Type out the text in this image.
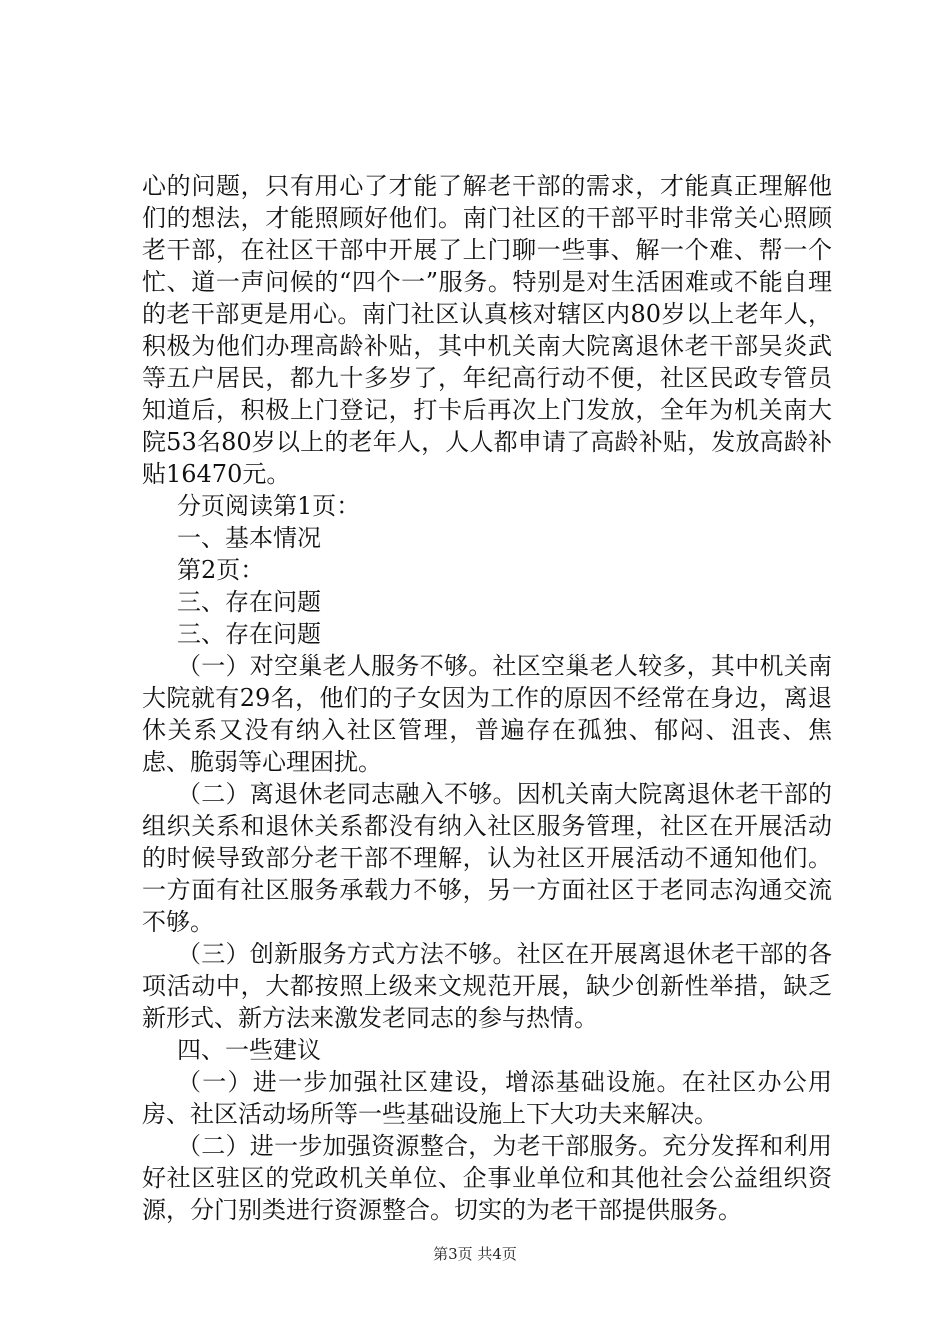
心的问题，只有用心了才能了解老干部的需求，才能真正理解他们的想法，才能照顾好他们。南门社区的干部平时非常关心照顾老干部，在社区干部中开展了上门聊一些事、解一个难、帮一个忙、道一声问候的“四个一”服务。特别是对生活困难或不能自理的老干部更是用心。南门社区认真核对辖区内80岁以上老年人，积极为他们办理高龄补贴，其中机关南大院离退休老干部吴炎武等五户居民，都九十多岁了，年纪高行动不便，社区民政专管员知道后，积极上门登记，打卡后再次上门发放，全年为机关南大院53名80岁以上的老年人，人人都申请了高龄补贴，发放高龄补贴16470元。

分页阅读第1页：

一、基本情况

第2页：

三、存在问题

三、存在问题

（一）对空巢老人服务不够。社区空巢老人较多，其中机关南大院就有29名，他们的子女因为工作的原因不经常在身边，离退休关系又没有纳入社区管理，普遍存在孤独、郁闷、沮丧、焦虑、脆弱等心理困扰。

（二）离退休老同志融入不够。因机关南大院离退休老干部的组织关系和退休关系都没有纳入社区服务管理，社区在开展活动的时候导致部分老干部不理解，认为社区开展活动不通知他们。一方面有社区服务承载力不够，另一方面社区于老同志沟通交流不够。

（三）创新服务方式方法不够。社区在开展离退休老干部的各项活动中，大都按照上级来文规范开展，缺少创新性举措，缺乏新形式、新方法来激发老同志的参与热情。

四、一些建议

（一）进一步加强社区建设，增添基础设施。在社区办公用房、社区活动场所等一些基础设施上下大功夫来解决。

（二）进一步加强资源整合，为老干部服务。充分发挥和利用好社区驻区的党政机关单位、企事业单位和其他社会公益组织资源，分门别类进行资源整合。切实的为老干部提供服务。

第3页 共4页
